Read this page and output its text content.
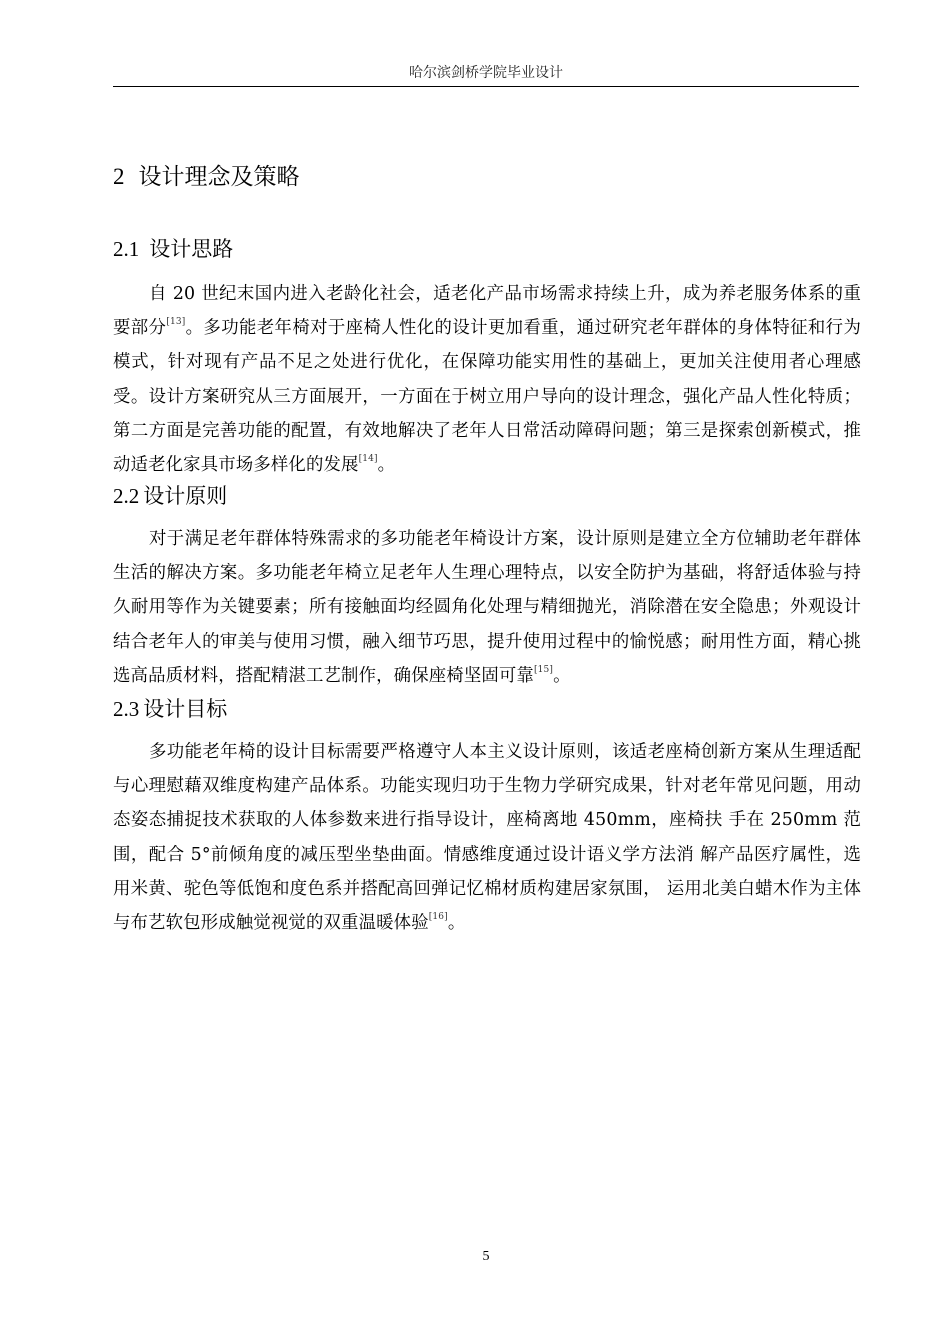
哈尔滨剑桥学院毕业设计
2 设计理念及策略
2.1 设计思路

自 20 世纪末国内进入老龄化社会，适老化产品市场需求持续上升，成为养老服务体系的重要部分[13]。多功能老年椅对于座椅人性化的设计更加看重，通过研究老年群体的身体特征和行为模式，针对现有产品不足之处进行优化，在保障功能实用性的基础上，更加关注使用者心理感受。设计方案研究从三方面展开，一方面在于树立用户导向的设计理念，强化产品人性化特质；第二方面是完善功能的配置，有效地解决了老年人日常活动障碍问题；第三是探索创新模式，推动适老化家具市场多样化的发展[14]。

2.2 设计原则

对于满足老年群体特殊需求的多功能老年椅设计方案，设计原则是建立全方位辅助老年群体生活的解决方案。多功能老年椅立足老年人生理心理特点，以安全防护为基础，将舒适体验与持久耐用等作为关键要素；所有接触面均经圆角化处理与精细抛光，消除潜在安全隐患；外观设计结合老年人的审美与使用习惯，融入细节巧思，提升使用过程中的愉悦感；耐用性方面，精心挑选高品质材料，搭配精湛工艺制作，确保座椅坚固可靠[15]。

2.3 设计目标

多功能老年椅的设计目标需要严格遵守人本主义设计原则，该适老座椅创新方案从生理适配与心理慰藉双维度构建产品体系。功能实现归功于生物力学研究成果，针对老年常见问题，用动态姿态捕捉技术获取的人体参数来进行指导设计，座椅离地 450mm，座椅扶 手在 250mm 范围，配合 5°前倾角度的减压型坐垫曲面。情感维度通过设计语义学方法消 解产品医疗属性，选用米黄、驼色等低饱和度色系并搭配高回弹记忆棉材质构建居家氛围， 运用北美白蜡木作为主体与布艺软包形成触觉视觉的双重温暖体验[16]。

5
